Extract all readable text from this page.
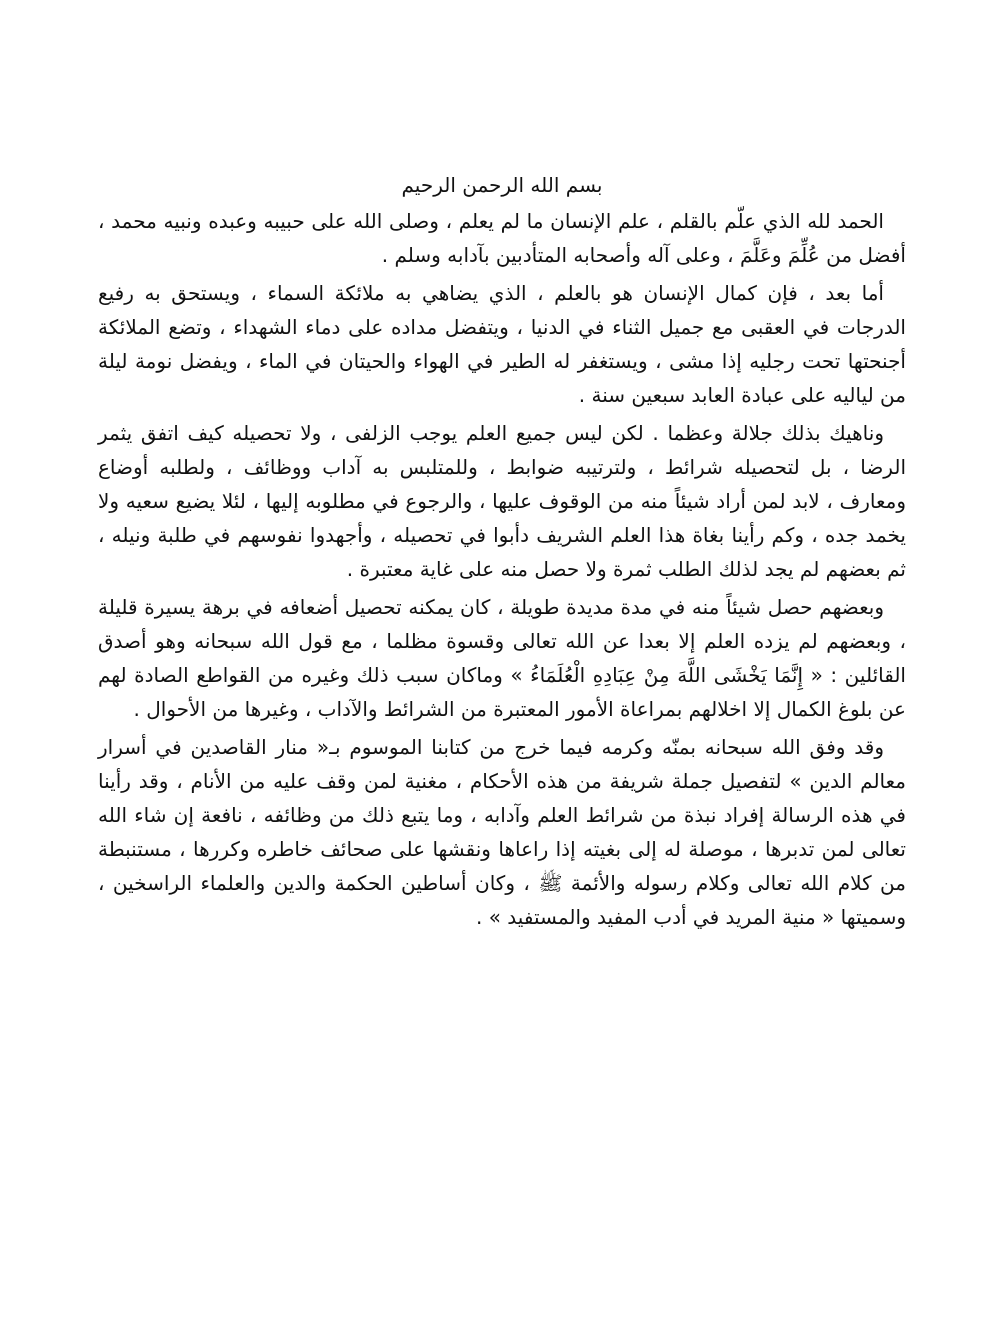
بسم الله الرحمن الرحيم

الحمد لله الذي علّم بالقلم ، علم الإنسان ما لم يعلم ، وصلى الله على حبيبه وعبده ونبيه محمد ، أفضل من عُلِّمَ وعَلَّمَ ، وعلى آله وأصحابه المتأدبين بآدابه وسلم .

أما بعد ، فإن كمال الإنسان هو بالعلم ، الذي يضاهي به ملائكة السماء ، ويستحق به رفيع الدرجات في العقبى مع جميل الثناء في الدنيا ، ويتفضل مداده على دماء الشهداء ، وتضع الملائكة أجنحتها تحت رجليه إذا مشى ، ويستغفر له الطير في الهواء والحيتان في الماء ، ويفضل نومة ليلة من لياليه على عبادة العابد سبعين سنة .

وناهيك بذلك جلالة وعظما . لكن ليس جميع العلم يوجب الزلفى ، ولا تحصيله كيف اتفق يثمر الرضا ، بل لتحصيله شرائط ، ولترتيبه ضوابط ، وللمتلبس به آداب ووظائف ، ولطلبه أوضاع ومعارف ، لابد لمن أراد شيئاً منه من الوقوف عليها ، والرجوع في مطلوبه إليها ، لئلا يضيع سعيه ولا يخمد جده ، وكم رأينا بغاة هذا العلم الشريف دأبوا في تحصيله ، وأجهدوا نفوسهم في طلبة ونيله ، ثم بعضهم لم يجد لذلك الطلب ثمرة ولا حصل منه على غاية معتبرة .

وبعضهم حصل شيئاً منه في مدة مديدة طويلة ، كان يمكنه تحصيل أضعافه في برهة يسيرة قليلة ، وبعضهم لم يزده العلم إلا بعدا عن الله تعالى وقسوة مظلما ، مع قول الله سبحانه وهو أصدق القائلين : « إِنَّمَا يَخْشَى اللَّهَ مِنْ عِبَادِهِ الْعُلَمَاءُ » وماكان سبب ذلك وغيره من القواطع الصادة لهم عن بلوغ الكمال إلا اخلالهم بمراعاة الأمور المعتبرة من الشرائط والآداب ، وغيرها من الأحوال .

وقد وفق الله سبحانه بمنّه وكرمه فيما خرج من كتابنا الموسوم بـ« منار القاصدين في أسرار معالم الدين » لتفصيل جملة شريفة من هذه الأحكام ، مغنية لمن وقف عليه من الأنام ، وقد رأينا في هذه الرسالة إفراد نبذة من شرائط العلم وآدابه ، وما يتبع ذلك من وظائفه ، نافعة إن شاء الله تعالى لمن تدبرها ، موصلة له إلى بغيته إذا راعاها ونقشها على صحائف خاطره وكررها ، مستنبطة من كلام الله تعالى وكلام رسوله والأئمة ﷺ ، وكان أساطين الحكمة والدين والعلماء الراسخين ، وسميتها « منية المريد في أدب المفيد والمستفيد » .
